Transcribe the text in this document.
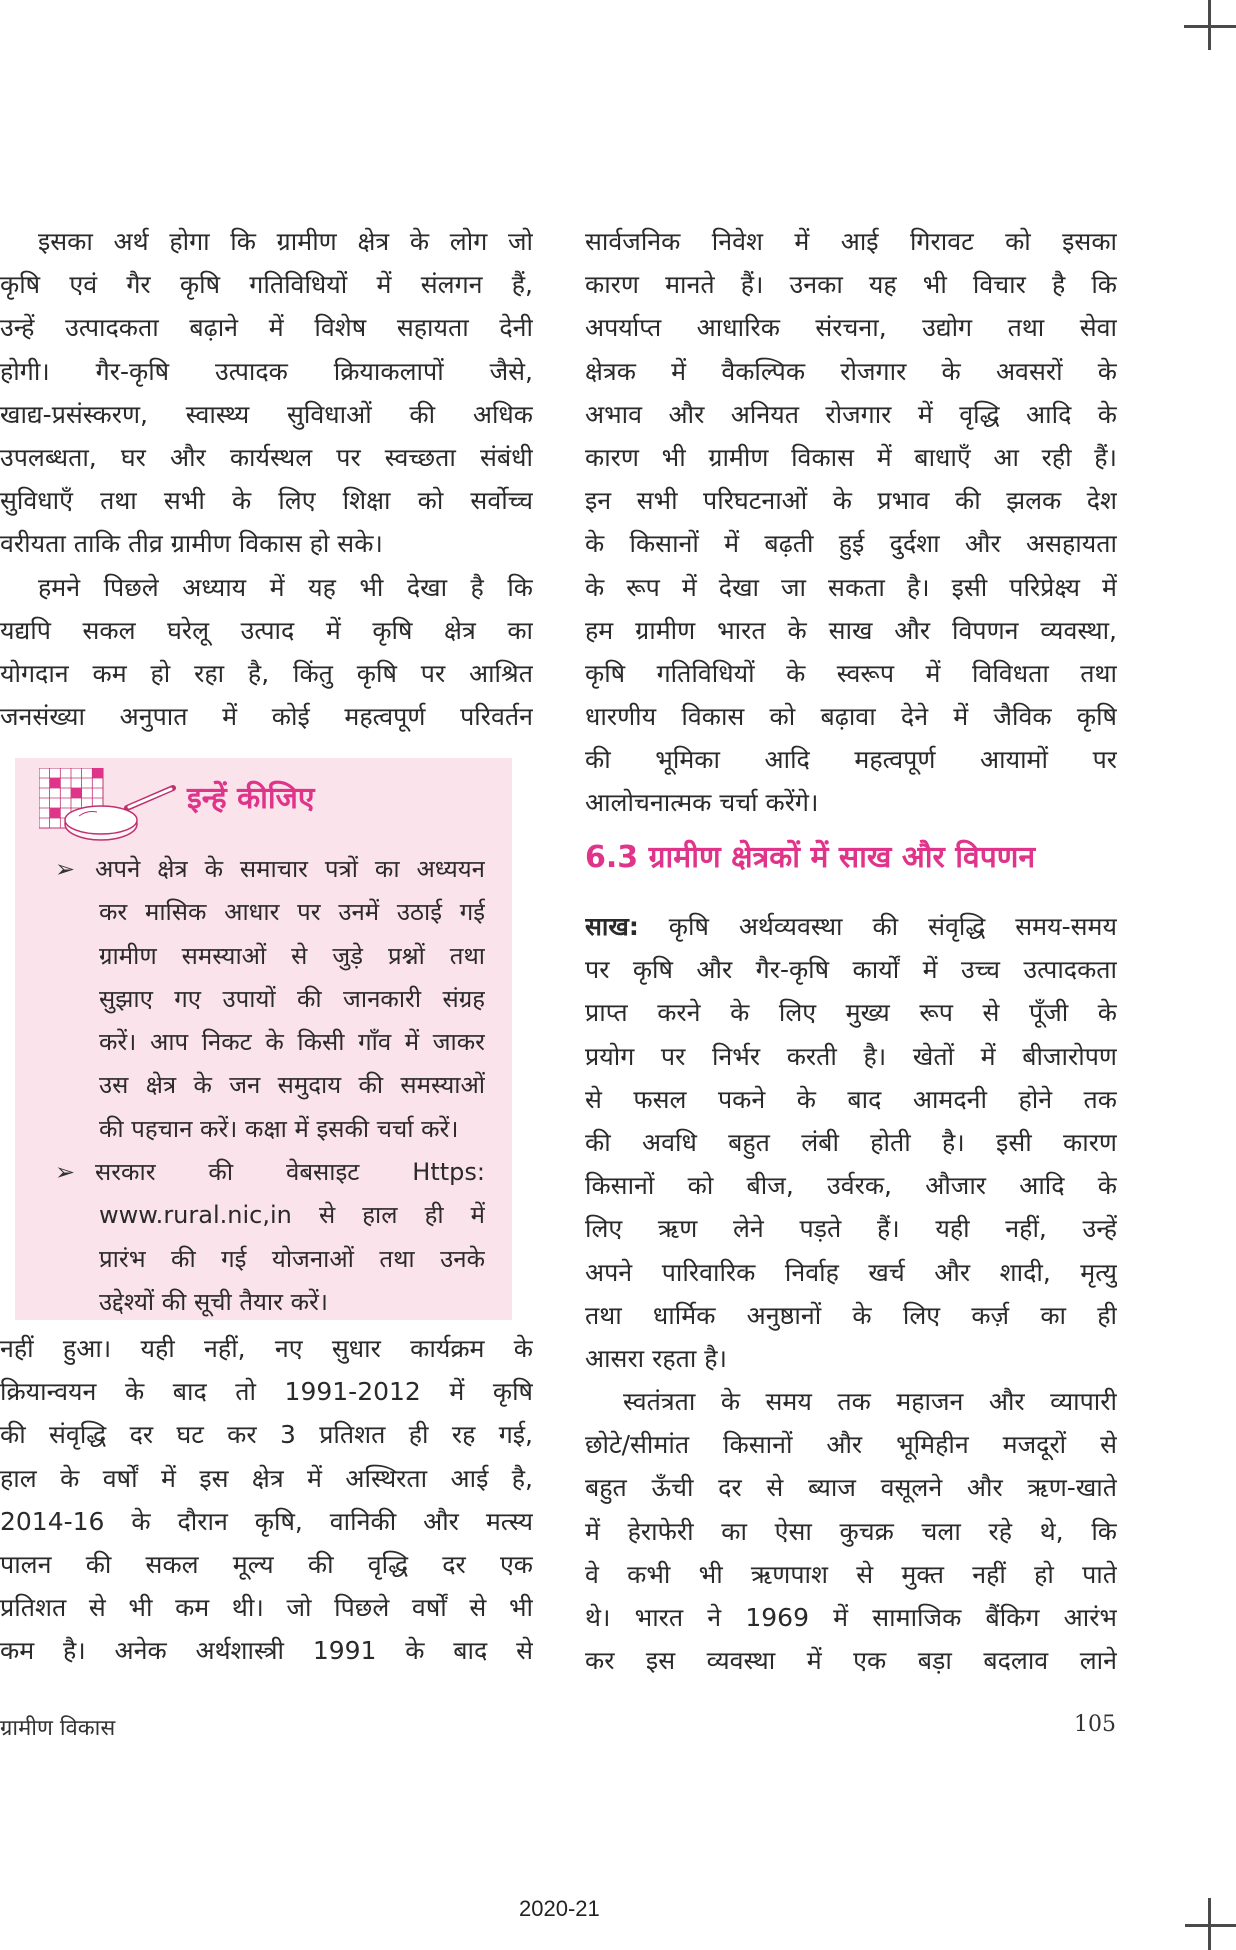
इसका अर्थ होगा कि ग्रामीण क्षेत्र के लोग जो
कृषि एवं गैर कृषि गतिविधियों में संलगन हैं,
उन्हें उत्पादकता बढ़ाने में विशेष सहायता देनी
होगी। गैर-कृषि उत्पादक क्रियाकलापों जैसे,
खाद्य-प्रसंस्करण, स्वास्थ्य सुविधाओं की अधिक
उपलब्धता, घर और कार्यस्थल पर स्वच्छता संबंधी
सुविधाएँ तथा सभी के लिए शिक्षा को सर्वोच्च
वरीयता ताकि तीव्र ग्रामीण विकास हो सके।
हमने पिछले अध्याय में यह भी देखा है कि
यद्यपि सकल घरेलू उत्पाद में कृषि क्षेत्र का
योगदान कम हो रहा है, किंतु कृषि पर आश्रित
जनसंख्या अनुपात में कोई महत्वपूर्ण परिवर्तन
इन्हें कीजिए
➢ अपने क्षेत्र के समाचार पत्रों का अध्ययन
कर मासिक आधार पर उनमें उठाई गई
ग्रामीण समस्याओं से जुड़े प्रश्नों तथा
सुझाए गए उपायों की जानकारी संग्रह
करें। आप निकट के किसी गाँव में जाकर
उस क्षेत्र के जन समुदाय की समस्याओं
की पहचान करें। कक्षा में इसकी चर्चा करें।
➢ सरकार की वेबसाइट Https:
www.rural.nic,in से हाल ही में
प्रारंभ की गई योजनाओं तथा उनके
उद्देश्यों की सूची तैयार करें।
नहीं हुआ। यही नहीं, नए सुधार कार्यक्रम के
क्रियान्वयन के बाद तो 1991-2012 में कृषि
की संवृद्धि दर घट कर 3 प्रतिशत ही रह गई,
हाल के वर्षों में इस क्षेत्र में अस्थिरता आई है,
2014-16 के दौरान कृषि, वानिकी और मत्स्य
पालन की सकल मूल्य की वृद्धि दर एक
प्रतिशत से भी कम थी। जो पिछले वर्षों से भी
कम है। अनेक अर्थशास्त्री 1991 के बाद से
सार्वजनिक निवेश में आई गिरावट को इसका
कारण मानते हैं। उनका यह भी विचार है कि
अपर्याप्त आधारिक संरचना, उद्योग तथा सेवा
क्षेत्रक में वैकल्पिक रोजगार के अवसरों के
अभाव और अनियत रोजगार में वृद्धि आदि के
कारण भी ग्रामीण विकास में बाधाएँ आ रही हैं।
इन सभी परिघटनाओं के प्रभाव की झलक देश
के किसानों में बढ़ती हुई दुर्दशा और असहायता
के रूप में देखा जा सकता है। इसी परिप्रेक्ष्य में
हम ग्रामीण भारत के साख और विपणन व्यवस्था,
कृषि गतिविधियों के स्वरूप में विविधता तथा
धारणीय विकास को बढ़ावा देने में जैविक कृषि
की भूमिका आदि महत्वपूर्ण आयामों पर
आलोचनात्मक चर्चा करेंगे।
6.3 ग्रामीण क्षेत्रकों में साख और विपणन
साख: कृषि अर्थव्यवस्था की संवृद्धि समय-समय
पर कृषि और गैर-कृषि कार्यों में उच्च उत्पादकता
प्राप्त करने के लिए मुख्य रूप से पूँजी के
प्रयोग पर निर्भर करती है। खेतों में बीजारोपण
से फसल पकने के बाद आमदनी होने तक
की अवधि बहुत लंबी होती है। इसी कारण
किसानों को बीज, उर्वरक, औजार आदि के
लिए ऋण लेने पड़ते हैं। यही नहीं, उन्हें
अपने पारिवारिक निर्वाह खर्च और शादी, मृत्यु
तथा धार्मिक अनुष्ठानों के लिए कर्ज़ का ही
आसरा रहता है।
स्वतंत्रता के समय तक महाजन और व्यापारी
छोटे/सीमांत किसानों और भूमिहीन मजदूरों से
बहुत ऊँची दर से ब्याज वसूलने और ऋण-खाते
में हेराफेरी का ऐसा कुचक्र चला रहे थे, कि
वे कभी भी ऋणपाश से मुक्त नहीं हो पाते
थे। भारत ने 1969 में सामाजिक बैंकिग आरंभ
कर इस व्यवस्था में एक बड़ा बदलाव लाने
ग्रामीण विकास	105
2020-21
